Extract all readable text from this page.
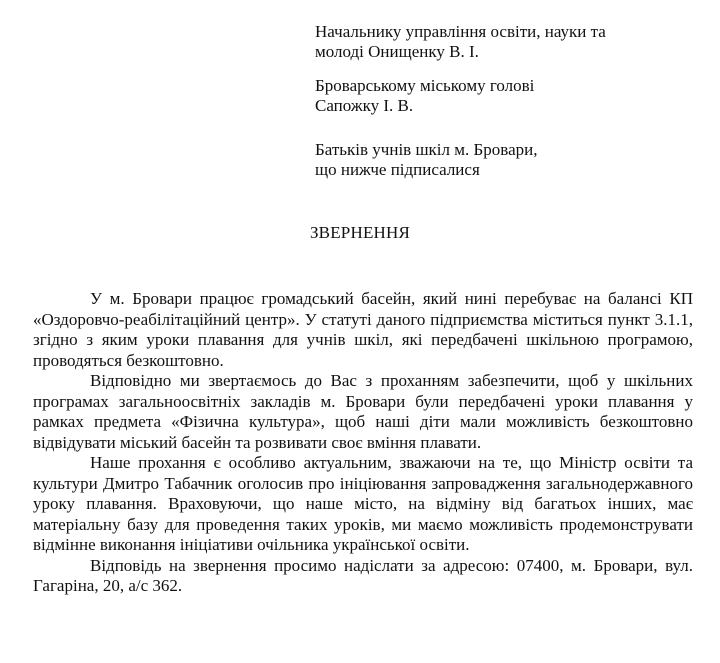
Начальнику управління освіти, науки та
молоді Онищенку В. І.
Броварському міському голові
Сапожку І. В.
Батьків учнів шкіл м. Бровари,
що нижче підписалися
ЗВЕРНЕННЯ

У м. Бровари працює громадський басейн, який нині перебуває на балансі КП «Оздоровчо-реабілітаційний центр». У статуті даного підприємства міститься пункт 3.1.1, згідно з яким уроки плавання для учнів шкіл, які передбачені шкільною програмою, проводяться безкоштовно.

Відповідно ми звертаємось до Вас з проханням забезпечити, щоб у шкільних програмах загальноосвітніх закладів м. Бровари були передбачені уроки плавання у рамках предмета «Фізична культура», щоб наші діти мали можливість безкоштовно відвідувати міський басейн та розвивати своє вміння плавати.

Наше прохання є особливо актуальним, зважаючи на те, що Міністр освіти та культури Дмитро Табачник оголосив про ініціювання запровадження загальнодержавного уроку плавання. Враховуючи, що наше місто, на відміну від багатьох інших, має матеріальну базу для проведення таких уроків, ми маємо можливість продемонструвати відмінне виконання ініціативи очільника української освіти.

Відповідь на звернення просимо надіслати за адресою: 07400, м. Бровари, вул. Гагаріна, 20, а/с 362.
